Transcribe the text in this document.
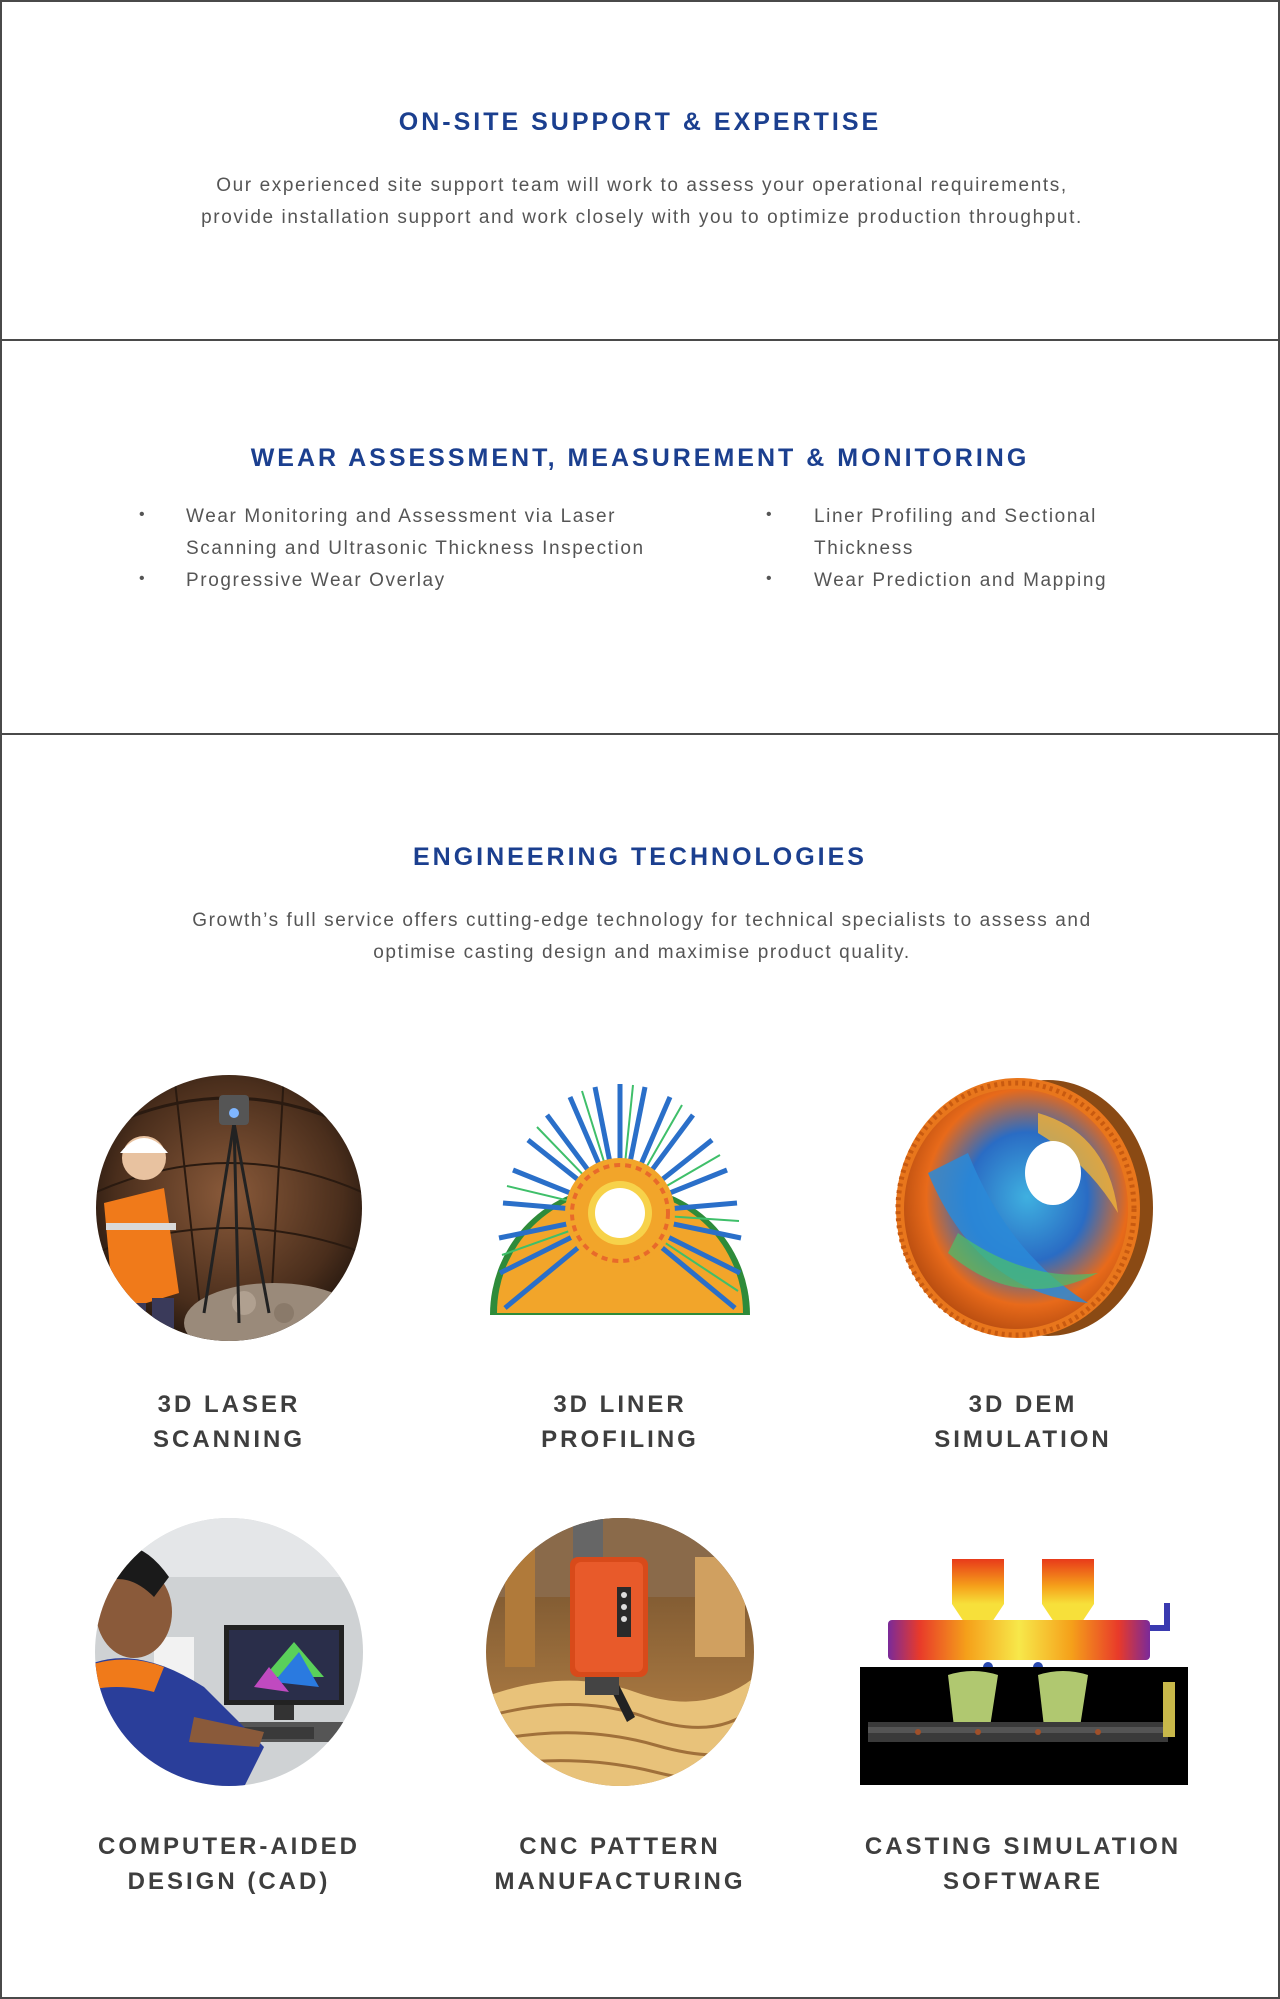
ON-SITE SUPPORT & EXPERTISE
Our experienced site support team will work to assess your operational requirements,
provide installation support and work closely with you to optimize production throughput.
WEAR ASSESSMENT, MEASUREMENT & MONITORING
• Wear Monitoring and Assessment via Laser
Scanning and Ultrasonic Thickness Inspection
• Liner Profiling and Sectional
Thickness
• Progressive Wear Overlay	• Wear Prediction and Mapping
ENGINEERING TECHNOLOGIES
Growth’s full service offers cutting-edge technology for technical specialists to assess and
optimise casting design and maximise product quality.
3D LASER
SCANNING
3D LINER
PROFILING
3D DEM
SIMULATION
COMPUTER-AIDED
DESIGN (CAD)
CNC PATTERN
MANUFACTURING
CASTING SIMULATION
SOFTWARE
